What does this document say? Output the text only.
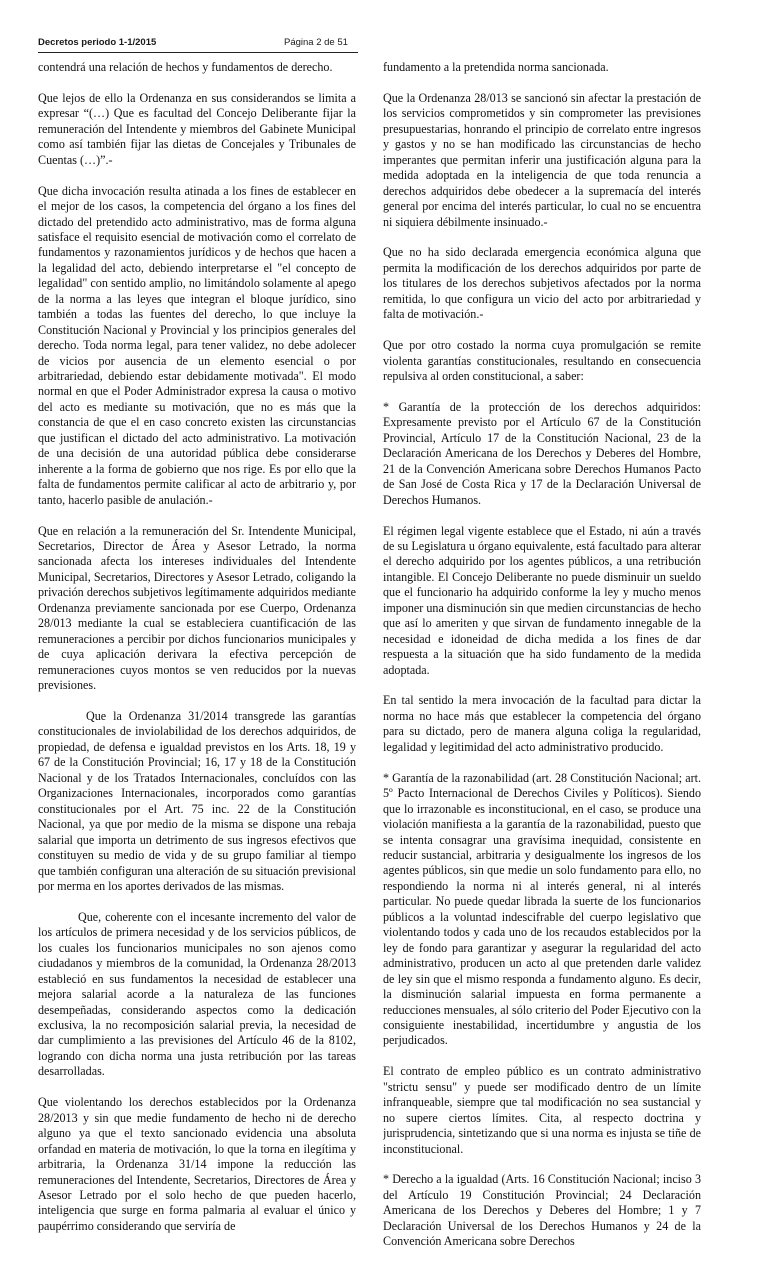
Decretos periodo 1-1/2015	Página 2 de 51

contendrá una relación de hechos y fundamentos de derecho.

Que lejos de ello la Ordenanza en sus considerandos se limita a expresar “(…) Que es facultad del Concejo Deliberante fijar la remuneración del Intendente y miembros del Gabinete Municipal como así también fijar las dietas de Concejales y Tribunales de Cuentas (…)”.-

Que dicha invocación resulta atinada a los fines de establecer en el mejor de los casos, la competencia del órgano a los fines del dictado del pretendido acto administrativo, mas de forma alguna satisface el requisito esencial de motivación como el correlato de fundamentos y razonamientos jurídicos y de hechos que hacen a la legalidad del acto, debiendo interpretarse el "el concepto de legalidad" con sentido amplio, no limitándolo solamente al apego de la norma a las leyes que integran el bloque jurídico, sino también a todas las fuentes del derecho, lo que incluye la Constitución Nacional y Provincial y los principios generales del derecho. Toda norma legal, para tener validez, no debe adolecer de vicios por ausencia de un elemento esencial o por arbitrariedad, debiendo estar debidamente motivada". El modo normal en que el Poder Administrador expresa la causa o motivo del acto es mediante su motivación, que no es más que la constancia de que el en caso concreto existen las circunstancias que justifican el dictado del acto administrativo. La motivación de una decisión de una autoridad pública debe considerarse inherente a la forma de gobierno que nos rige. Es por ello que la falta de fundamentos permite calificar al acto de arbitrario y, por tanto, hacerlo pasible de anulación.-

Que en relación a la remuneración del Sr. Intendente Municipal, Secretarios, Director de Área y Asesor Letrado, la norma sancionada afecta los intereses individuales del Intendente Municipal, Secretarios, Directores y Asesor Letrado, coligando la privación derechos subjetivos legítimamente adquiridos mediante Ordenanza previamente sancionada por ese Cuerpo, Ordenanza 28/013 mediante la cual se estableciera cuantificación de las remuneraciones a percibir por dichos funcionarios municipales y de cuya aplicación derivara la efectiva percepción de remuneraciones cuyos montos se ven reducidos por la nuevas previsiones.

Que la Ordenanza 31/2014 transgrede las garantías constitucionales de inviolabilidad de los derechos adquiridos, de propiedad, de defensa e igualdad previstos en los Arts. 18, 19 y 67 de la Constitución Provincial; 16, 17 y 18 de la Constitución Nacional y de los Tratados Internacionales, concluídos con las Organizaciones Internacionales, incorporados como garantías constitucionales por el Art. 75 inc. 22 de la Constitución Nacional, ya que por medio de la misma se dispone una rebaja salarial que importa un detrimento de sus ingresos efectivos que constituyen su medio de vida y de su grupo familiar al tiempo que también configuran una alteración de su situación previsional por merma en los aportes derivados de las mismas.

Que, coherente con el incesante incremento del valor de los artículos de primera necesidad y de los servicios públicos, de los cuales los funcionarios municipales no son ajenos como ciudadanos y miembros de la comunidad, la Ordenanza 28/2013 estableció en sus fundamentos la necesidad de establecer una mejora salarial acorde a la naturaleza de las funciones desempeñadas, considerando aspectos como la dedicación exclusiva, la no recomposición salarial previa, la necesidad de dar cumplimiento a las previsiones del Artículo 46 de la 8102, logrando con dicha norma una justa retribución por las tareas desarrolladas.

Que violentando los derechos establecidos por la Ordenanza 28/2013 y sin que medie fundamento de hecho ni de derecho alguno ya que el texto sancionado evidencia una absoluta orfandad en materia de motivación, lo que la torna en ilegítima y arbitraria, la Ordenanza 31/14 impone la reducción las remuneraciones del Intendente, Secretarios, Directores de Área y Asesor Letrado por el solo hecho de que pueden hacerlo, inteligencia que surge en forma palmaria al evaluar el único y paupérrimo considerando que serviría de

fundamento a la pretendida norma sancionada.

Que la Ordenanza 28/013 se sancionó sin afectar la prestación de los servicios comprometidos y sin comprometer las previsiones presupuestarias, honrando el principio de correlato entre ingresos y gastos y no se han modificado las circunstancias de hecho imperantes que permitan inferir una justificación alguna para la medida adoptada en la inteligencia de que toda renuncia a derechos adquiridos debe obedecer a la supremacía del interés general por encima del interés particular, lo cual no se encuentra ni siquiera débilmente insinuado.-

Que no ha sido declarada emergencia económica alguna que permita la modificación de los derechos adquiridos por parte de los titulares de los derechos subjetivos afectados por la norma remitida, lo que configura un vicio del acto por arbitrariedad y falta de motivación.-

Que por otro costado la norma cuya promulgación se remite violenta garantías constitucionales, resultando en consecuencia repulsiva al orden constitucional, a saber:

* Garantía de la protección de los derechos adquiridos: Expresamente previsto por el Artículo 67 de la Constitución Provincial, Artículo 17 de la Constitución Nacional, 23 de la Declaración Americana de los Derechos y Deberes del Hombre, 21 de la Convención Americana sobre Derechos Humanos Pacto de San José de Costa Rica y 17 de la Declaración Universal de Derechos Humanos.

El régimen legal vigente establece que el Estado, ni aún a través de su Legislatura u órgano equivalente, está facultado para alterar el derecho adquirido por los agentes públicos, a una retribución intangible. El Concejo Deliberante no puede disminuir un sueldo que el funcionario ha adquirido conforme la ley y mucho menos imponer una disminución sin que medien circunstancias de hecho que así lo ameriten y que sirvan de fundamento innegable de la necesidad e idoneidad de dicha medida a los fines de dar respuesta a la situación que ha sido fundamento de la medida adoptada.

En tal sentido la mera invocación de la facultad para dictar la norma no hace más que establecer la competencia del órgano para su dictado, pero de manera alguna coliga la regularidad, legalidad y legitimidad del acto administrativo producido.

* Garantía de la razonabilidad (art. 28 Constitución Nacional; art. 5º Pacto Internacional de Derechos Civiles y Políticos). Siendo que lo irrazonable es inconstitucional, en el caso, se produce una violación manifiesta a la garantía de la razonabilidad, puesto que se intenta consagrar una gravísima inequidad, consistente en reducir sustancial, arbitraria y desigualmente los ingresos de los agentes públicos, sin que medie un solo fundamento para ello, no respondiendo la norma ni al interés general, ni al interés particular. No puede quedar librada la suerte de los funcionarios públicos a la voluntad indescifrable del cuerpo legislativo que violentando todos y cada uno de los recaudos establecidos por la ley de fondo para garantizar y asegurar la regularidad del acto administrativo, producen un acto al que pretenden darle validez de ley sin que el mismo responda a fundamento alguno. Es decir, la disminución salarial impuesta en forma permanente a reducciones mensuales, al sólo criterio del Poder Ejecutivo con la consiguiente inestabilidad, incertidumbre y angustia de los perjudicados.

El contrato de empleo público es un contrato administrativo "strictu sensu" y puede ser modificado dentro de un límite infranqueable, siempre que tal modificación no sea sustancial y no supere ciertos límites. Cita, al respecto doctrina y jurisprudencia, sintetizando que si una norma es injusta se tiñe de inconstitucional.

* Derecho a la igualdad (Arts. 16 Constitución Nacional; inciso 3 del Artículo 19 Constitución Provincial; 24 Declaración Americana de los Derechos y Deberes del Hombre; 1 y 7 Declaración Universal de los Derechos Humanos y 24 de la Convención Americana sobre Derechos
